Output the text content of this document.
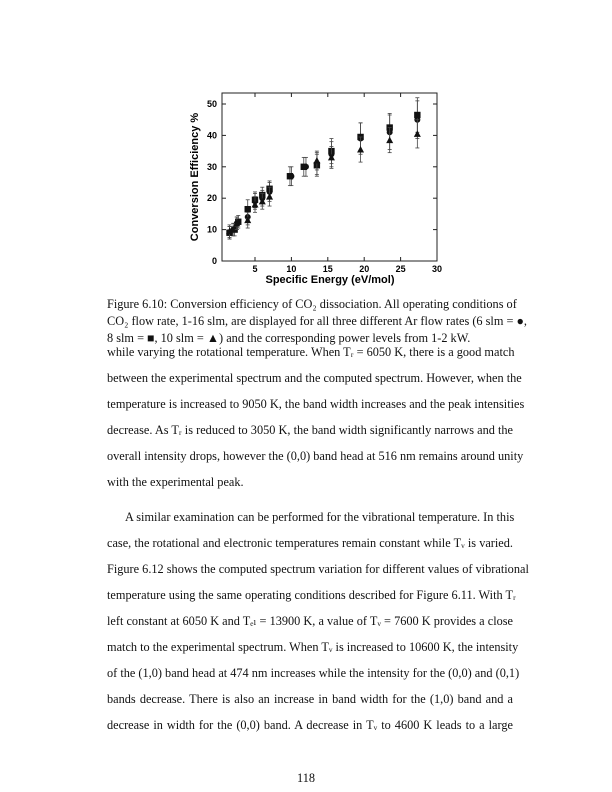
5	10	15	20	25	30
0
10
20
30
40
50
Specific Energy (eV/mol)
Conversion Efficiency %
Figure 6.10: Conversion efficiency of CO₂ dissociation. All operating conditions of
CO₂ flow rate, 1-16 slm, are displayed for all three different Ar flow rates (6 slm = ●,
8 slm = ■, 10 slm = ▲) and the corresponding power levels from 1-2 kW.
while varying the rotational temperature. When Tᵣ = 6050 K, there is a good match
between the experimental spectrum and the computed spectrum. However, when the
temperature is increased to 9050 K, the band width increases and the peak intensities
decrease. As Tᵣ is reduced to 3050 K, the band width significantly narrows and the
overall intensity drops, however the (0,0) band head at 516 nm remains around unity
with the experimental peak.
A similar examination can be performed for the vibrational temperature. In this
case, the rotational and electronic temperatures remain constant while Tᵥ is varied.
Figure 6.12 shows the computed spectrum variation for different values of vibrational
temperature using the same operating conditions described for Figure 6.11. With Tᵣ
left constant at 6050 K and Tₑₗ = 13900 K, a value of Tᵥ = 7600 K provides a close
match to the experimental spectrum. When Tᵥ is increased to 10600 K, the intensity
of the (1,0) band head at 474 nm increases while the intensity for the (0,0) and (0,1)
bands decrease. There is also an increase in band width for the (1,0) band and a
decrease in width for the (0,0) band. A decrease in Tᵥ to 4600 K leads to a large
118
